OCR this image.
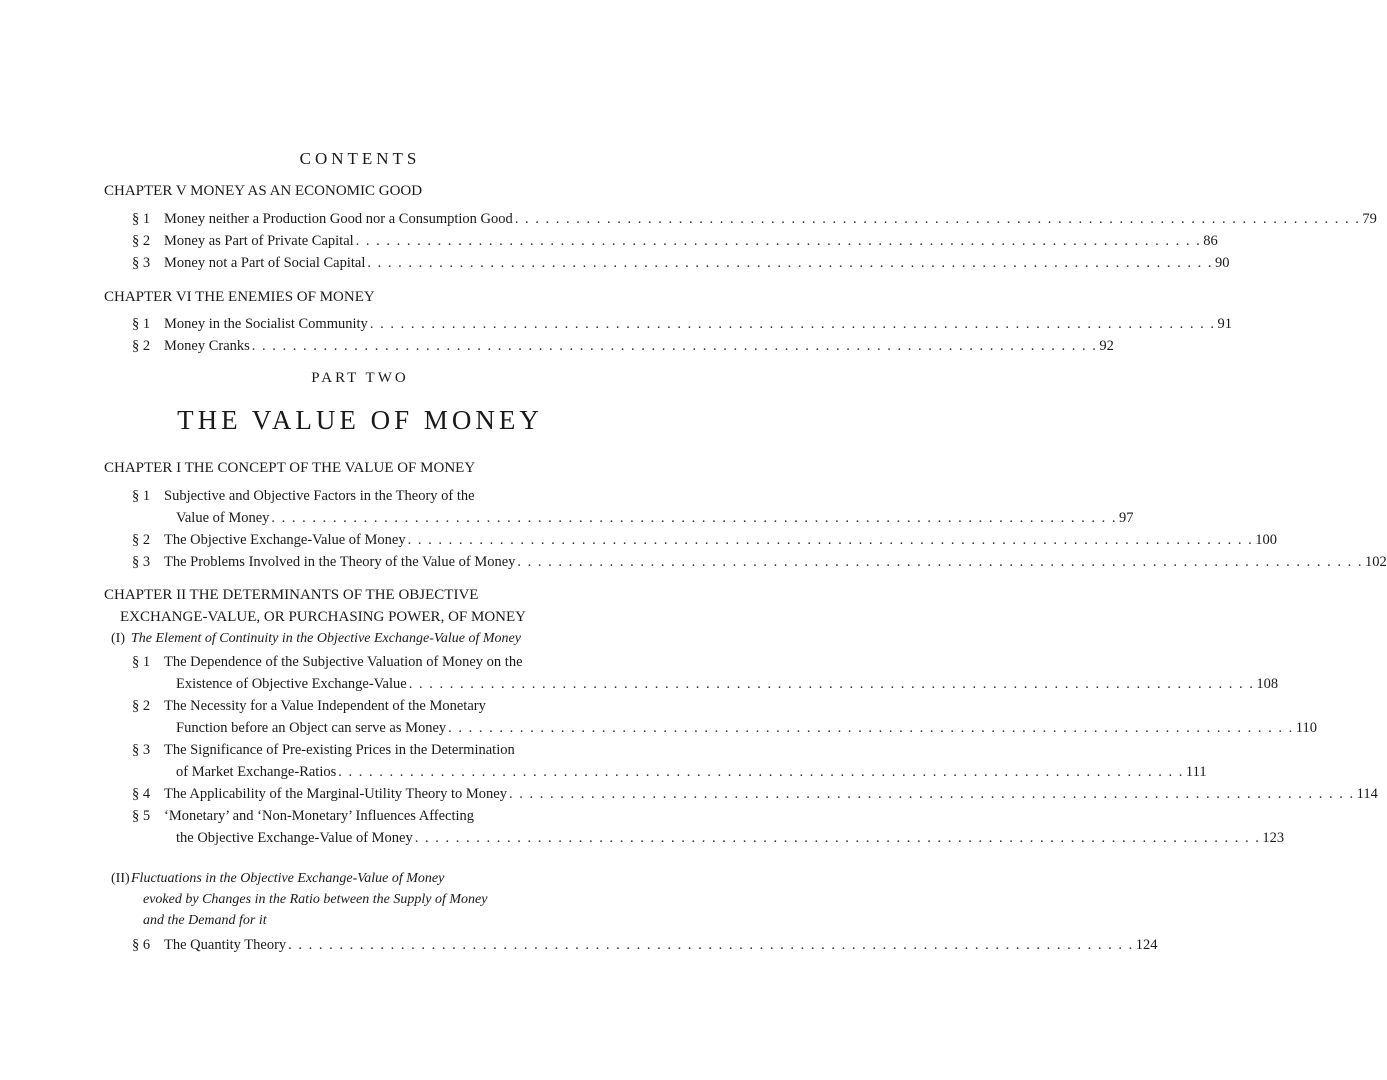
CONTENTS
CHAPTER V MONEY AS AN ECONOMIC GOOD
§ 1 Money neither a Production Good nor a Consumption Good . . . . . . . . . . . . . . . . . . . . . . . . . . . . . . . . . . . . . . . . . . . . . . . . . . . . . . . . . . . . . . . . . . . . . . . . . . . . . . . . . . . 79
§ 2 Money as Part of Private Capital . . . . . . . . . . . . . . . . . . . . . . . . . . . . . . . . . . . . . . . . . . . . . . . . . . . . . . . . . . . . . . . . . . . . . . . . . . . . . . . . . . . 86
§ 3 Money not a Part of Social Capital . . . . . . . . . . . . . . . . . . . . . . . . . . . . . . . . . . . . . . . . . . . . . . . . . . . . . . . . . . . . . . . . . . . . . . . . . . . . . . . . . . . 90
CHAPTER VI THE ENEMIES OF MONEY
§ 1 Money in the Socialist Community . . . . . . . . . . . . . . . . . . . . . . . . . . . . . . . . . . . . . . . . . . . . . . . . . . . . . . . . . . . . . . . . . . . . . . . . . . . . . . . . . . . 91
§ 2 Money Cranks . . . . . . . . . . . . . . . . . . . . . . . . . . . . . . . . . . . . . . . . . . . . . . . . . . . . . . . . . . . . . . . . . . . . . . . . . . . . . . . . . . . 92
PART TWO
THE VALUE OF MONEY
CHAPTER I THE CONCEPT OF THE VALUE OF MONEY
§ 1 Subjective and Objective Factors in the Theory of the
Value of Money . . . . . . . . . . . . . . . . . . . . . . . . . . . . . . . . . . . . . . . . . . . . . . . . . . . . . . . . . . . . . . . . . . . . . . . . . . . . . . . . . . . 97
§ 2 The Objective Exchange-Value of Money . . . . . . . . . . . . . . . . . . . . . . . . . . . . . . . . . . . . . . . . . . . . . . . . . . . . . . . . . . . . . . . . . . . . . . . . . . . . . . . . . . . 100
§ 3 The Problems Involved in the Theory of the Value of Money . . . . . . . . . . . . . . . . . . . . . . . . . . . . . . . . . . . . . . . . . . . . . . . . . . . . . . . . . . . . . . . . . . . . . . . . . . . . . . . . . . . 102
CHAPTER II THE DETERMINANTS OF THE OBJECTIVE
EXCHANGE-VALUE, OR PURCHASING POWER, OF MONEY
(I) The Element of Continuity in the Objective Exchange-Value of Money
§ 1 The Dependence of the Subjective Valuation of Money on the
Existence of Objective Exchange-Value . . . . . . . . . . . . . . . . . . . . . . . . . . . . . . . . . . . . . . . . . . . . . . . . . . . . . . . . . . . . . . . . . . . . . . . . . . . . . . . . . . . 108
§ 2 The Necessity for a Value Independent of the Monetary
Function before an Object can serve as Money . . . . . . . . . . . . . . . . . . . . . . . . . . . . . . . . . . . . . . . . . . . . . . . . . . . . . . . . . . . . . . . . . . . . . . . . . . . . . . . . . . . 110
§ 3 The Significance of Pre-existing Prices in the Determination
of Market Exchange-Ratios . . . . . . . . . . . . . . . . . . . . . . . . . . . . . . . . . . . . . . . . . . . . . . . . . . . . . . . . . . . . . . . . . . . . . . . . . . . . . . . . . . . 111
§ 4 The Applicability of the Marginal-Utility Theory to Money . . . . . . . . . . . . . . . . . . . . . . . . . . . . . . . . . . . . . . . . . . . . . . . . . . . . . . . . . . . . . . . . . . . . . . . . . . . . . . . . . . . 114
§ 5 ‘Monetary’ and ‘Non-Monetary’ Influences Affecting
the Objective Exchange-Value of Money . . . . . . . . . . . . . . . . . . . . . . . . . . . . . . . . . . . . . . . . . . . . . . . . . . . . . . . . . . . . . . . . . . . . . . . . . . . . . . . . . . . 123
(II) Fluctuations in the Objective Exchange-Value of Money
evoked by Changes in the Ratio between the Supply of Money
and the Demand for it
§ 6 The Quantity Theory . . . . . . . . . . . . . . . . . . . . . . . . . . . . . . . . . . . . . . . . . . . . . . . . . . . . . . . . . . . . . . . . . . . . . . . . . . . . . . . . . . . 124
